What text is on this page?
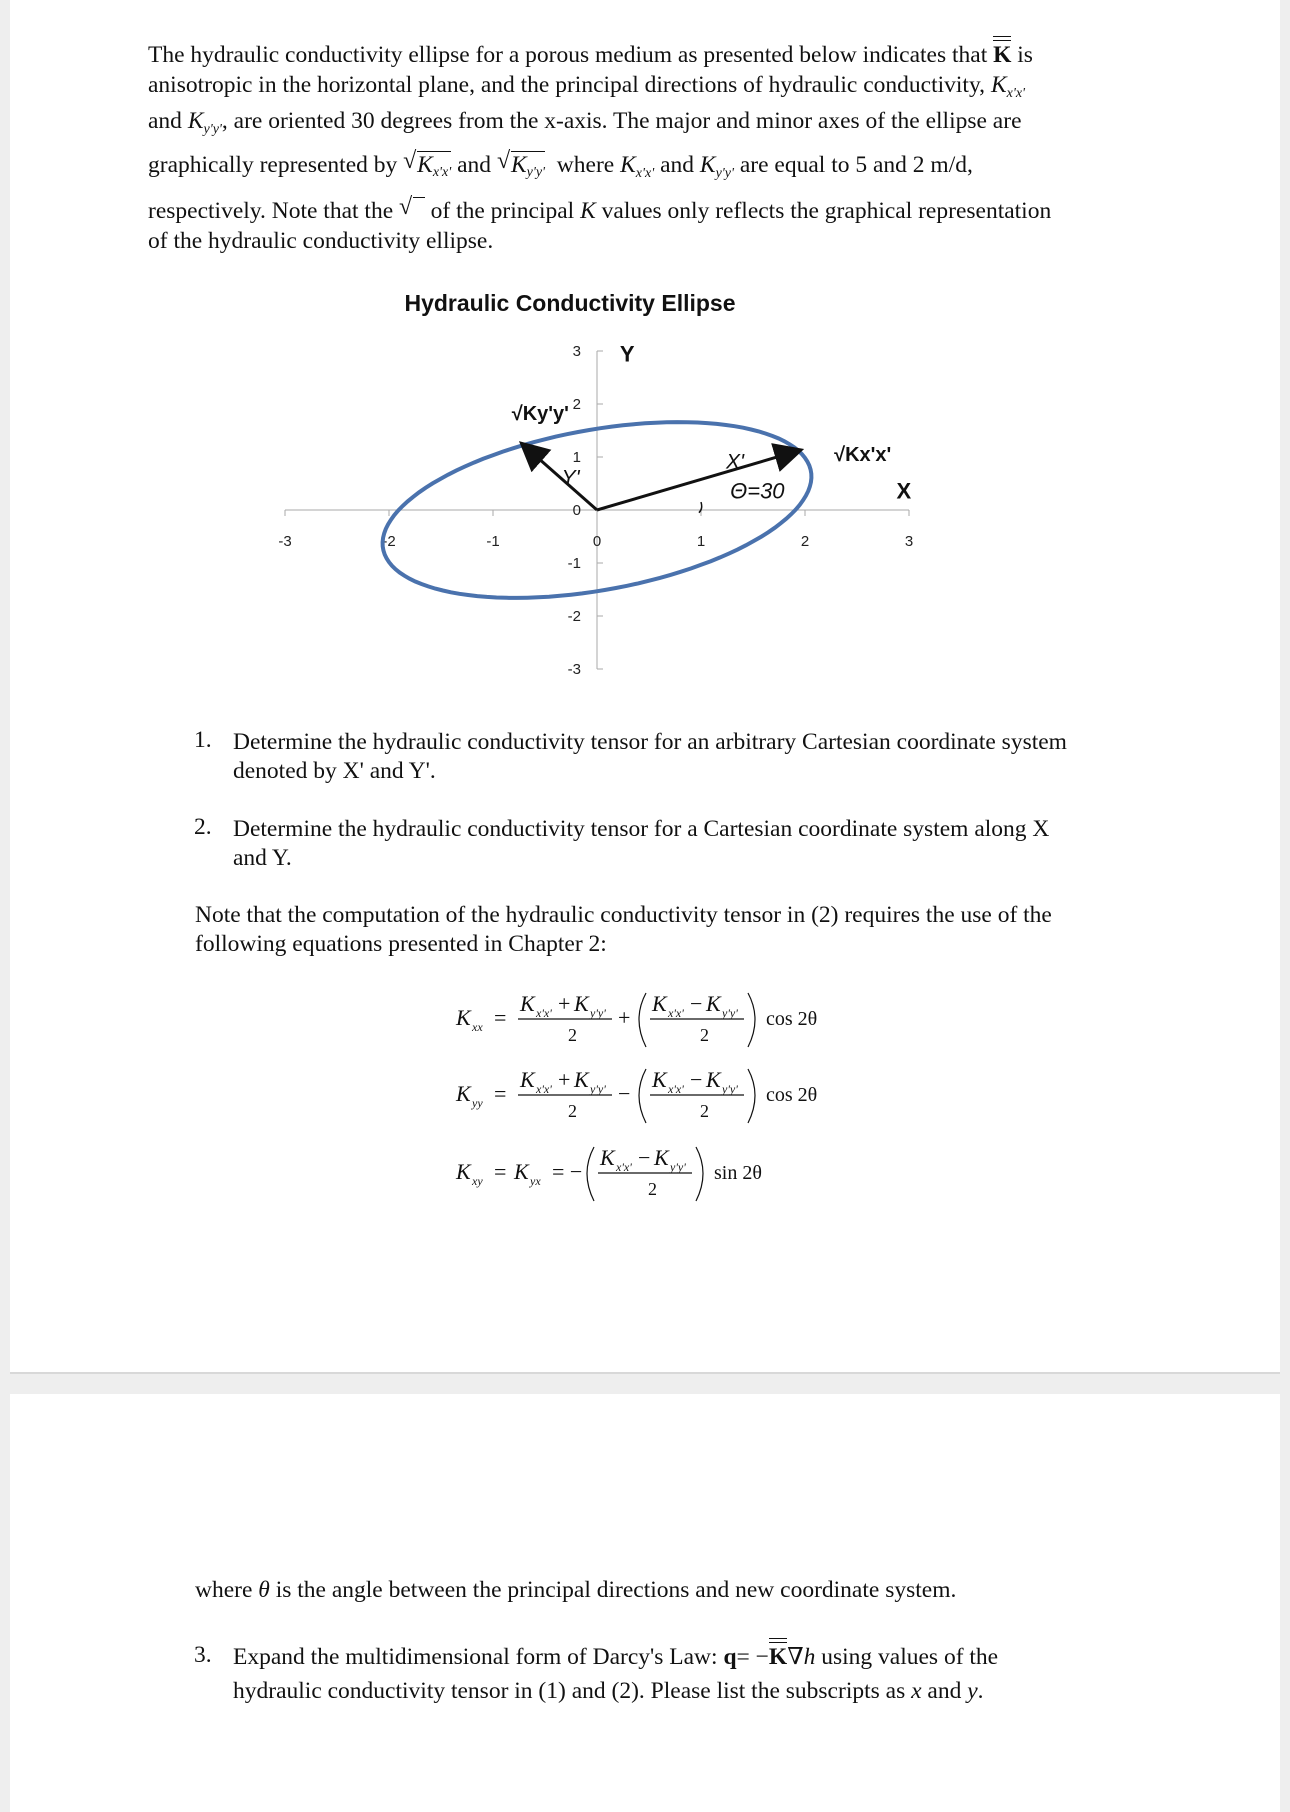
The hydraulic conductivity ellipse for a porous medium as presented below indicates that K is
anisotropic in the horizontal plane, and the principal directions of hydraulic conductivity, $K_{x'x'}$
and $K_{y'y'}$, are oriented 30 degrees from the x-axis. The major and minor axes of the ellipse are
graphically represented by √ Kx'x' and √ Ky'y' where $K_{x'x'}$ and $K_{y'y'}$ are equal to 5 and 2 m/d,
respectively. Note that the √ of the principal K values only reflects the graphical representation
of the hydraulic conductivity ellipse.
Hydraulic Conductivity Ellipse
-3	-2	-1	0	1	2	3
3
2
1
0
-1
-2
-3
Θ=30
X'
Y'
√Kx'x'
√Ky'y'
X
Y
1. Determine the hydraulic conductivity tensor for an arbitrary Cartesian coordinate system
denoted by X' and Y'.
2. Determine the hydraulic conductivity tensor for a Cartesian coordinate system along X
and Y.
Note that the computation of the hydraulic conductivity tensor in (2) requires the use of the
following equations presented in Chapter 2:
K xx =
K x'x' + K y'y'
2
+
K x'x' − K y'y'
2
cos 2θ
K yy =
K x'x' + K y'y'
2
−
K x'x' − K y'y'
2
cos 2θ
K xy = K yx = −
K x'x' − K y'y'
2
sin 2θ
where θ is the angle between the principal directions and new coordinate system.
3. Expand the multidimensional form of Darcy's Law: q= −K∇h using values of the
hydraulic conductivity tensor in (1) and (2). Please list the subscripts as x and y.
